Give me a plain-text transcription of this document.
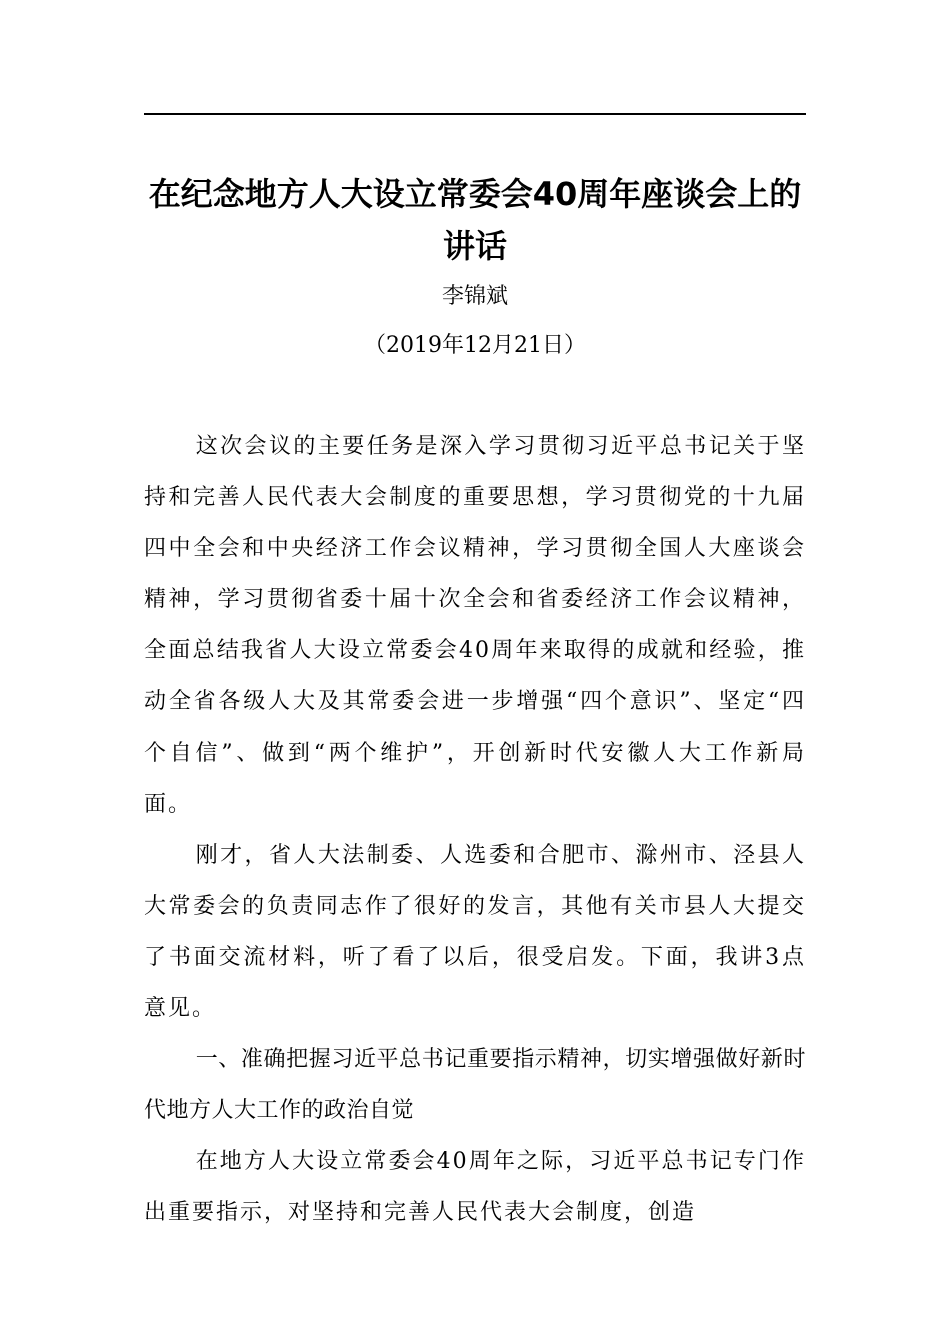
在纪念地方人大设立常委会40周年座谈会上的讲话
李锦斌
（2019年12月21日）

这次会议的主要任务是深入学习贯彻习近平总书记关于坚持和完善人民代表大会制度的重要思想，学习贯彻党的十九届四中全会和中央经济工作会议精神，学习贯彻全国人大座谈会精神，学习贯彻省委十届十次全会和省委经济工作会议精神，全面总结我省人大设立常委会40周年来取得的成就和经验，推动全省各级人大及其常委会进一步增强“四个意识”、坚定“四个自信”、做到“两个维护”，开创新时代安徽人大工作新局面。

刚才，省人大法制委、人选委和合肥市、滁州市、泾县人大常委会的负责同志作了很好的发言，其他有关市县人大提交了书面交流材料，听了看了以后，很受启发。下面，我讲3点意见。

一、准确把握习近平总书记重要指示精神，切实增强做好新时代地方人大工作的政治自觉

在地方人大设立常委会40周年之际，习近平总书记专门作出重要指示，对坚持和完善人民代表大会制度，创造
